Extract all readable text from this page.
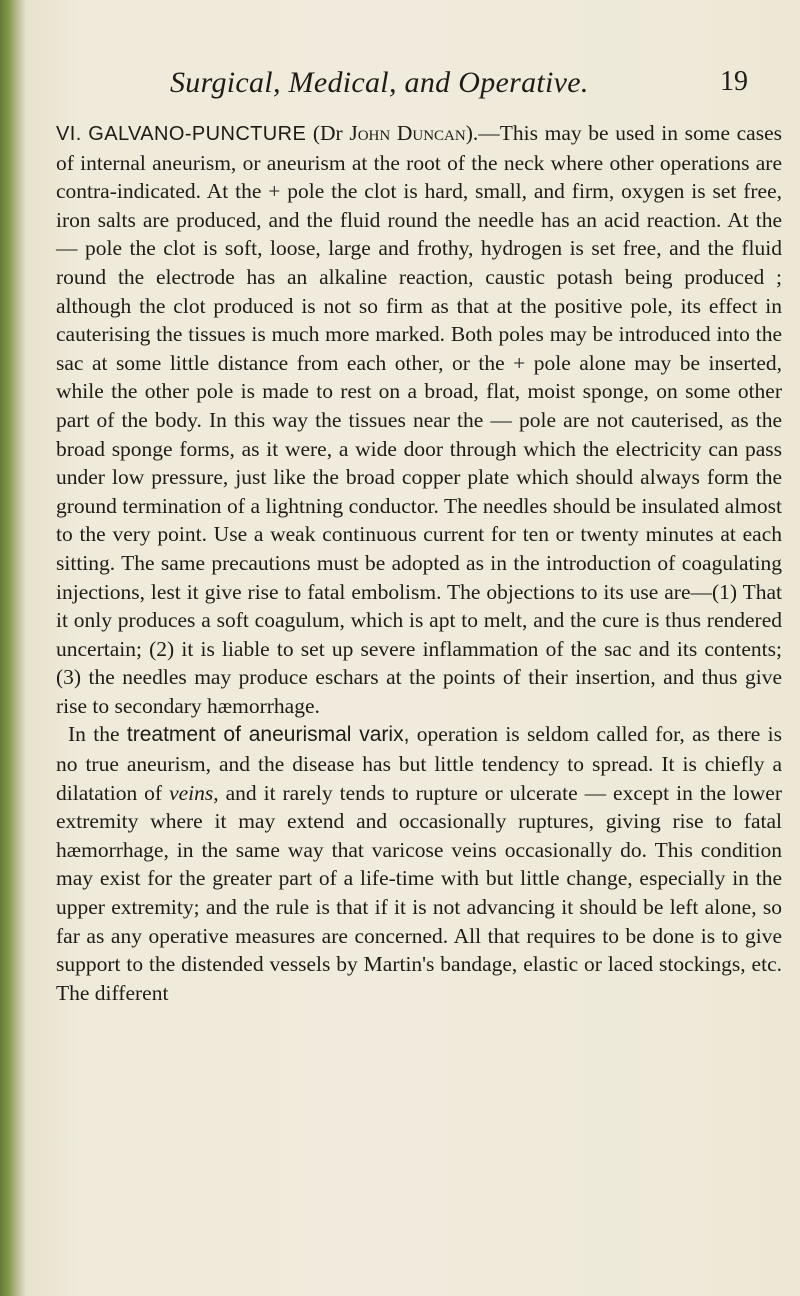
Surgical, Medical, and Operative.	19

VI. GALVANO-PUNCTURE (Dr John Duncan).—This may be used in some cases of internal aneurism, or aneurism at the root of the neck where other operations are contra-indicated. At the + pole the clot is hard, small, and firm, oxygen is set free, iron salts are produced, and the fluid round the needle has an acid reaction. At the — pole the clot is soft, loose, large and frothy, hydrogen is set free, and the fluid round the electrode has an alkaline reaction, caustic potash being produced ; although the clot produced is not so firm as that at the positive pole, its effect in cauterising the tissues is much more marked. Both poles may be introduced into the sac at some little distance from each other, or the + pole alone may be inserted, while the other pole is made to rest on a broad, flat, moist sponge, on some other part of the body. In this way the tissues near the — pole are not cauterised, as the broad sponge forms, as it were, a wide door through which the electricity can pass under low pressure, just like the broad copper plate which should always form the ground termination of a lightning conductor. The needles should be insulated almost to the very point. Use a weak continuous current for ten or twenty minutes at each sitting. The same precautions must be adopted as in the introduction of coagulating injections, lest it give rise to fatal embolism. The objections to its use are—(1) That it only produces a soft coagulum, which is apt to melt, and the cure is thus rendered uncertain; (2) it is liable to set up severe inflammation of the sac and its contents; (3) the needles may produce eschars at the points of their insertion, and thus give rise to secondary hæmorrhage.

In the treatment of aneurismal varix, operation is seldom called for, as there is no true aneurism, and the disease has but little tendency to spread. It is chiefly a dilatation of veins, and it rarely tends to rupture or ulcerate — except in the lower extremity where it may extend and occasionally ruptures, giving rise to fatal hæmorrhage, in the same way that varicose veins occasionally do. This condition may exist for the greater part of a life-time with but little change, especially in the upper extremity; and the rule is that if it is not advancing it should be left alone, so far as any operative measures are concerned. All that requires to be done is to give support to the distended vessels by Martin's bandage, elastic or laced stockings, etc. The different
